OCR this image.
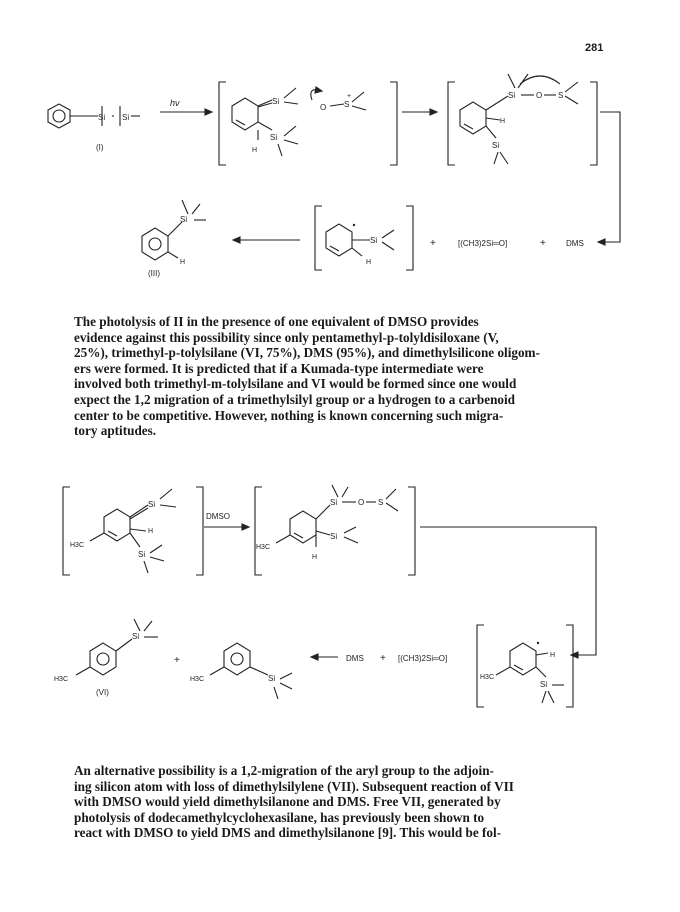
281
Si Si
(I)
hν	Si
Si
H
O S
+	Si	O S
H
Si
DMS
+
[(CH3)2Si═O]
+
Si
H
Si
H
(III)
The photolysis of II in the presence of one equivalent of DMSO provides
evidence against this possibility since only pentamethyl-p-tolyldisiloxane (V,
25%), trimethyl-p-tolylsilane (VI, 75%), DMS (95%), and dimethylsilicone oligom-
ers were formed. It is predicted that if a Kumada-type intermediate were
involved both trimethyl-m-tolylsilane and VI would be formed since one would
expect the 1,2 migration of a trimethylsilyl group or a hydrogen to a carbenoid
center to be competitive. However, nothing is known concerning such migra-
tory aptitudes.
H3C
Si
H
Si
DMSO
H3C
Si	O S
Si
H
H3C
H
Si
[(CH3)2Si═O]
+
DMS
H3C	Si
+
H3C
Si
(VI)
An alternative possibility is a 1,2-migration of the aryl group to the adjoin-
ing silicon atom with loss of dimethylsilylene (VII). Subsequent reaction of VII
with DMSO would yield dimethylsilanone and DMS. Free VII, generated by
photolysis of dodecamethylcyclohexasilane, has previously been shown to
react with DMSO to yield DMS and dimethylsilanone [9]. This would be fol-
